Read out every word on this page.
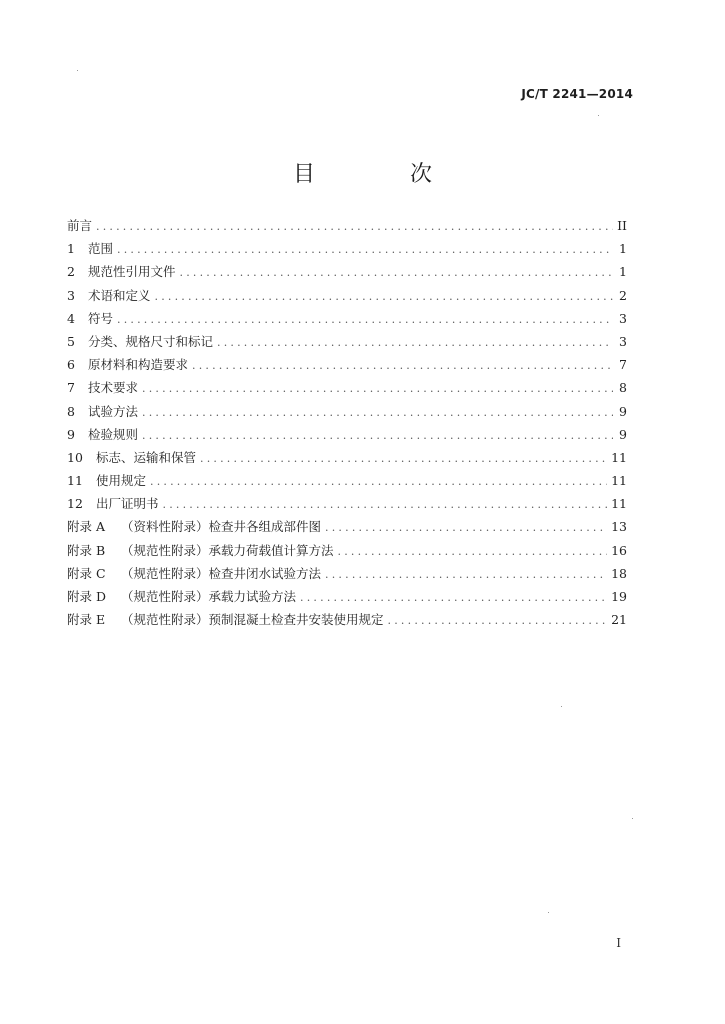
JC/T 2241—2014
目 次
前言 .....	II
1	范围 .....	1
2	规范性引用文件 .....	1
3	术语和定义 .....	2
4	符号 .....	3
5	分类、规格尺寸和标记 .....	3
6	原材料和构造要求 .....	7
7	技术要求 .....	8
8	试验方法 .....	9
9	检验规则 .....	9
10	标志、运输和保管 .....	11
11	使用规定 .....	11
12	出厂证明书 .....	11
附录 A	（资料性附录） 检查井各组成部件图 .....	13
附录 B	（规范性附录） 承载力荷载值计算方法 .....	16
附录 C	（规范性附录） 检查井闭水试验方法 .....	18
附录 D	（规范性附录） 承载力试验方法 .....	19
附录 E	（规范性附录） 预制混凝土检查井安装使用规定 .....	21
I
